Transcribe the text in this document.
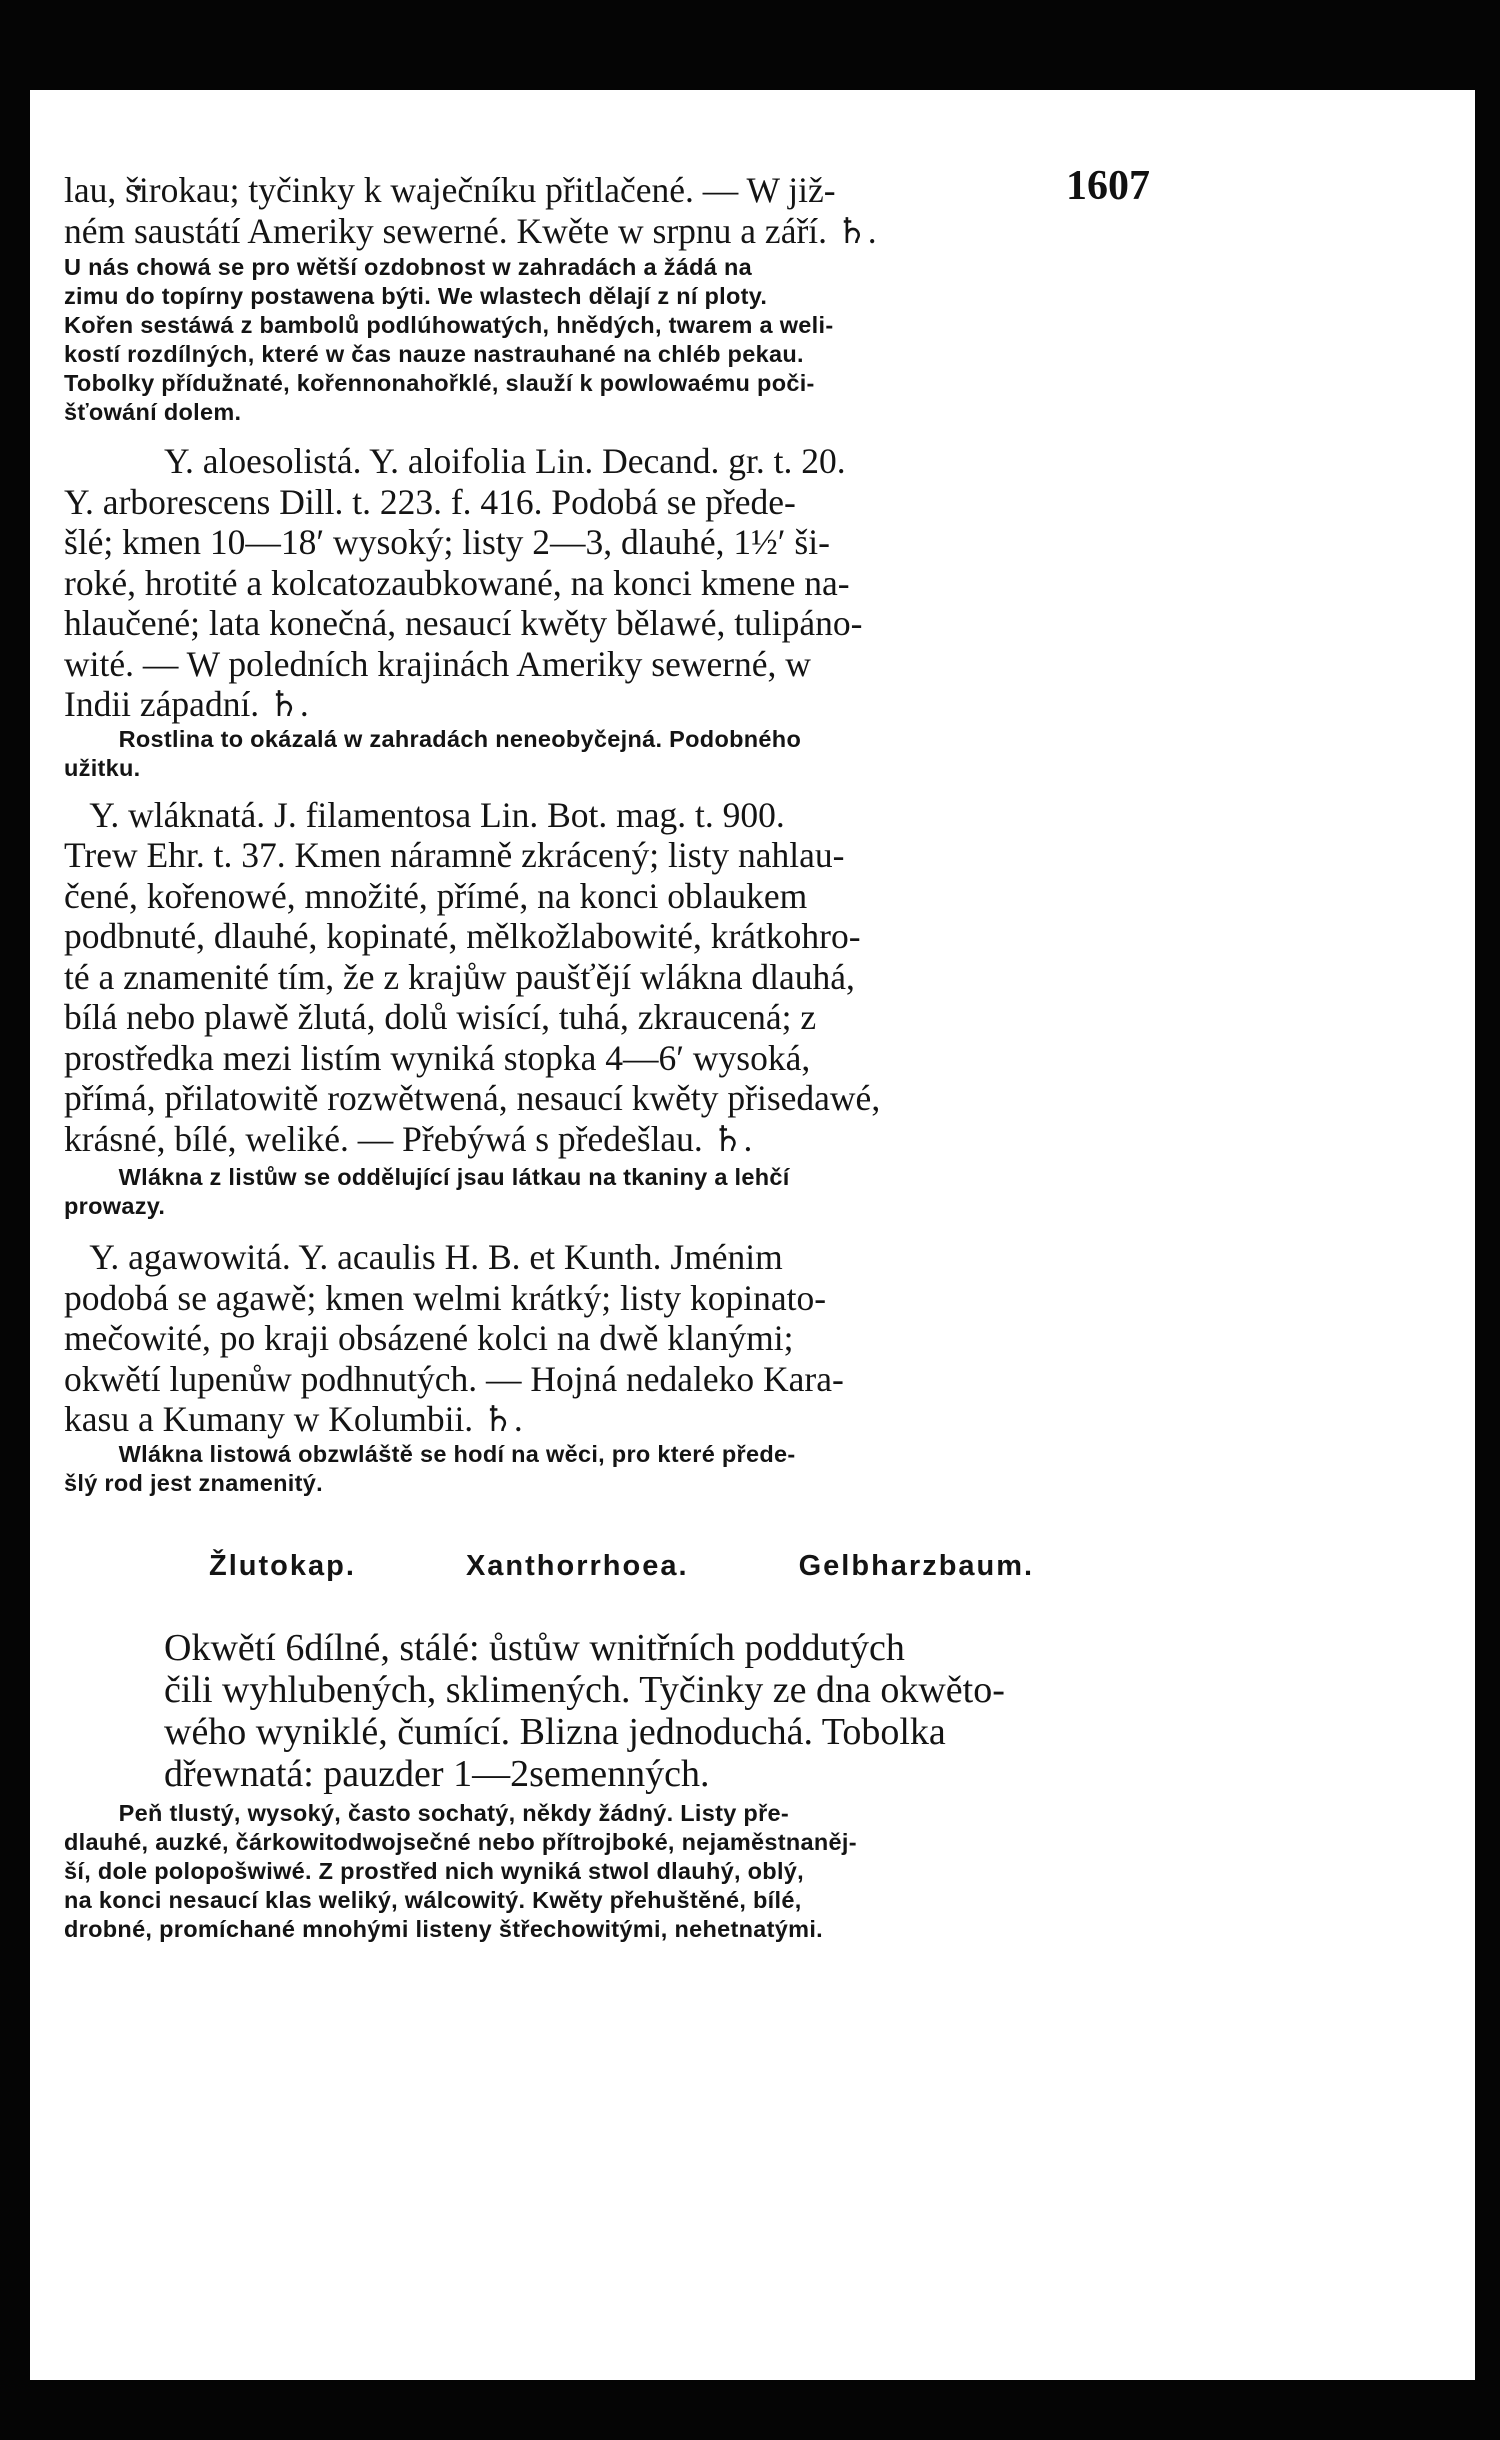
1607
lau, širokau; tyčinky k waječníku přitlačené. — W již-
ném saustátí Ameriky sewerné. Kwěte w srpnu a září. ♄.
U nás chowá se pro wětší ozdobnost w zahradách a žádá na
zimu do topírny postawena býti. We wlastech dělají z ní ploty.
Kořen sestáwá z bambolů podlúhowatých, hnědých, twarem a weli-
kostí rozdílných, které w čas nauze nastrauhané na chléb pekau.
Tobolky přídužnaté, kořennonahořklé, slauží k powlowaému poči-
šťowání dolem.
Y. aloesolistá. Y. aloifolia Lin. Decand. gr. t. 20.
Y. arborescens Dill. t. 223. f. 416. Podobá se přede-
šlé; kmen 10—18′ wysoký; listy 2—3, dlauhé, 1½′ ši-
roké, hrotité a kolcatozaubkowané, na konci kmene na-
hlaučené; lata konečná, nesaucí kwěty bělawé, tulipáno-
wité. — W poledních krajinách Ameriky sewerné, w
Indii západní. ♄.
Rostlina to okázalá w zahradách neneobyčejná. Podobného
užitku.
Y. wláknatá. J. filamentosa Lin. Bot. mag. t. 900.
Trew Ehr. t. 37. Kmen náramně zkrácený; listy nahlau-
čené, kořenowé, množité, přímé, na konci oblaukem
podbnuté, dlauhé, kopinaté, mělkožlabowité, krátkohro-
té a znamenité tím, že z krajůw paušťějí wlákna dlauhá,
bílá nebo plawě žlutá, dolů wisící, tuhá, zkraucená; z
prostředka mezi listím wyniká stopka 4—6′ wysoká,
přímá, přilatowitě rozwětwená, nesaucí kwěty přisedawé,
krásné, bílé, weliké. — Přebýwá s předešlau. ♄.
Wlákna z listůw se oddělující jsau látkau na tkaniny a lehčí
prowazy.
Y. agawowitá. Y. acaulis H. B. et Kunth. Jménim
podobá se agawě; kmen welmi krátký; listy kopinato-
mečowité, po kraji obsázené kolci na dwě klanými;
okwětí lupenůw podhnutých. — Hojná nedaleko Kara-
kasu a Kumany w Kolumbii. ♄.
Wlákna listowá obzwláště se hodí na wěci, pro které přede-
šlý rod jest znamenitý.
Žlutokap. Xanthorrhoea. Gelbharzbaum.
Okwětí 6dílné, stálé: ůstůw wnitřních poddutých
čili wyhlubených, sklimených. Tyčinky ze dna okwěto-
wého wyniklé, čumící. Blizna jednoduchá. Tobolka
dřewnatá: pauzder 1—2semenných.
Peň tlustý, wysoký, často sochatý, někdy žádný. Listy pře-
dlauhé, auzké, čárkowitodwojsečné nebo přítrojboké, nejaměstnaněj-
ší, dole polopošwiwé. Z prostřed nich wyniká stwol dlauhý, oblý,
na konci nesaucí klas weliký, wálcowitý. Kwěty přehuštěné, bílé,
drobné, promíchané mnohými listeny štřechowitými, nehetnatými.
